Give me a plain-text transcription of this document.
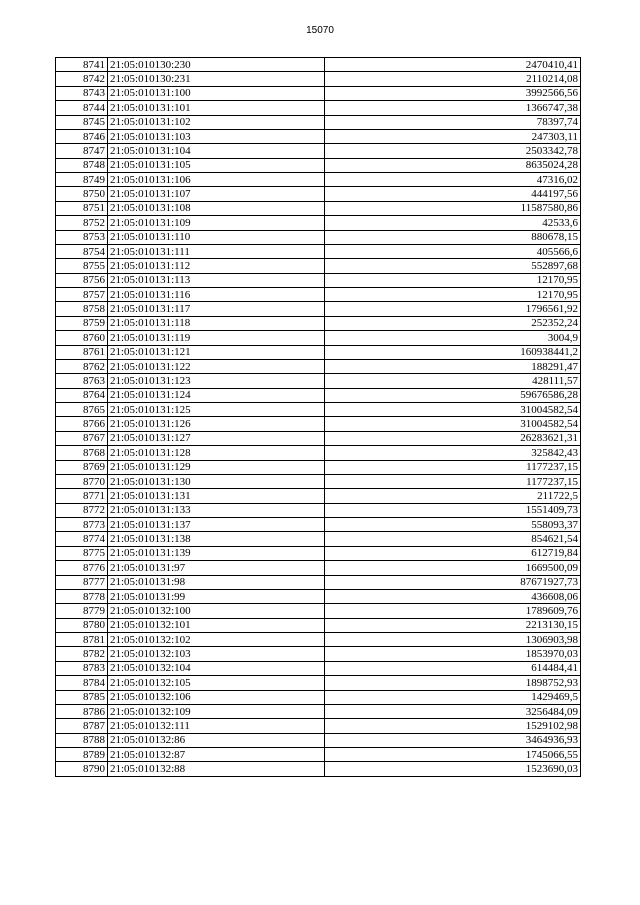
15070
8741	21:05:010130:230	2470410,41
8742	21:05:010130:231	2110214,08
8743	21:05:010131:100	3992566,56
8744	21:05:010131:101	1366747,38
8745	21:05:010131:102	78397,74
8746	21:05:010131:103	247303,11
8747	21:05:010131:104	2503342,78
8748	21:05:010131:105	8635024,28
8749	21:05:010131:106	47316,02
8750	21:05:010131:107	444197,56
8751	21:05:010131:108	11587580,86
8752	21:05:010131:109	42533,6
8753	21:05:010131:110	880678,15
8754	21:05:010131:111	405566,6
8755	21:05:010131:112	552897,68
8756	21:05:010131:113	12170,95
8757	21:05:010131:116	12170,95
8758	21:05:010131:117	1796561,92
8759	21:05:010131:118	252352,24
8760	21:05:010131:119	3004,9
8761	21:05:010131:121	160938441,2
8762	21:05:010131:122	188291,47
8763	21:05:010131:123	428111,57
8764	21:05:010131:124	59676586,28
8765	21:05:010131:125	31004582,54
8766	21:05:010131:126	31004582,54
8767	21:05:010131:127	26283621,31
8768	21:05:010131:128	325842,43
8769	21:05:010131:129	1177237,15
8770	21:05:010131:130	1177237,15
8771	21:05:010131:131	211722,5
8772	21:05:010131:133	1551409,73
8773	21:05:010131:137	558093,37
8774	21:05:010131:138	854621,54
8775	21:05:010131:139	612719,84
8776	21:05:010131:97	1669500,09
8777	21:05:010131:98	87671927,73
8778	21:05:010131:99	436608,06
8779	21:05:010132:100	1789609,76
8780	21:05:010132:101	2213130,15
8781	21:05:010132:102	1306903,98
8782	21:05:010132:103	1853970,03
8783	21:05:010132:104	614484,41
8784	21:05:010132:105	1898752,93
8785	21:05:010132:106	1429469,5
8786	21:05:010132:109	3256484,09
8787	21:05:010132:111	1529102,98
8788	21:05:010132:86	3464936,93
8789	21:05:010132:87	1745066,55
8790	21:05:010132:88	1523690,03
